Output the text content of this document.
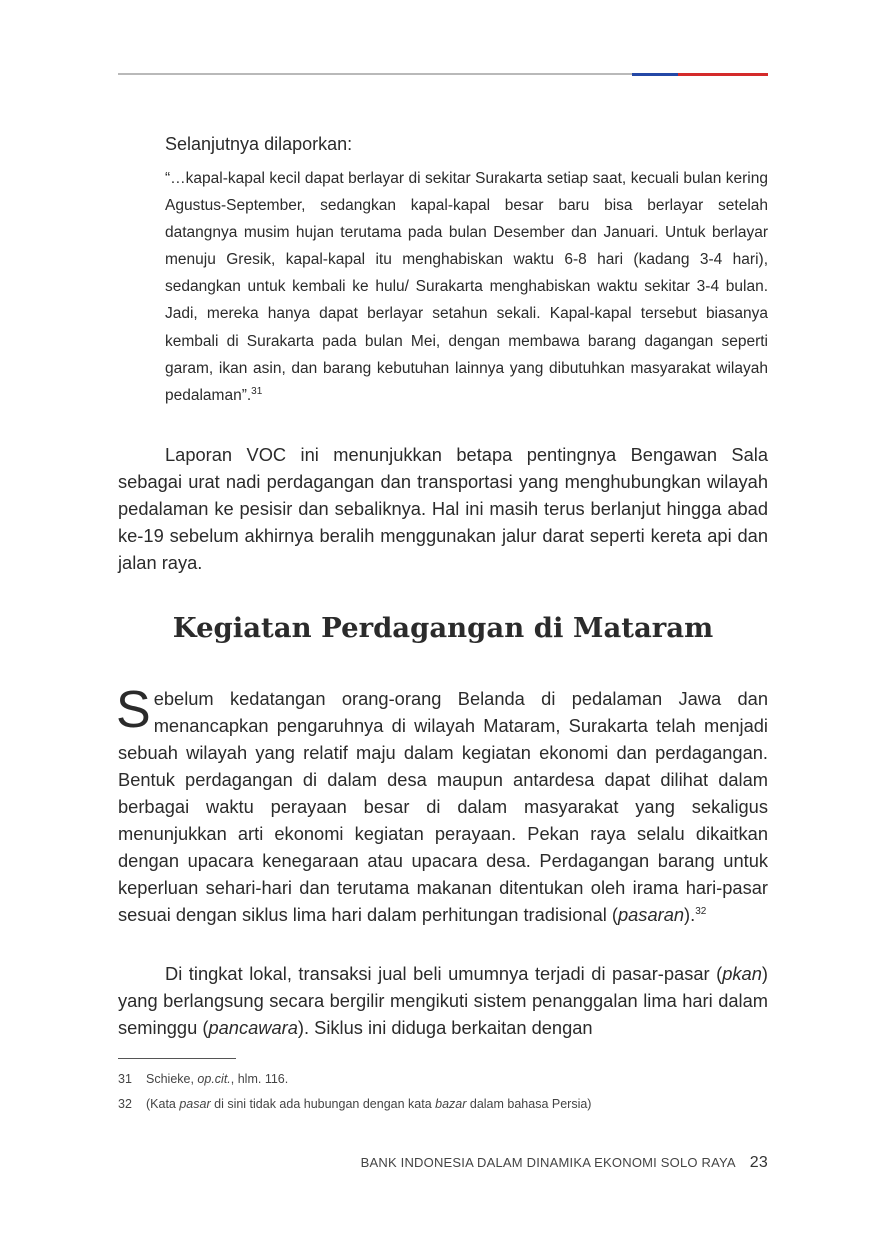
Selanjutnya dilaporkan:

“…kapal-kapal kecil dapat berlayar di sekitar Surakarta setiap saat, kecuali bulan kering Agustus-September, sedangkan kapal-kapal besar baru bisa berlayar setelah datangnya musim hujan terutama pada bulan Desember dan Januari. Untuk berlayar menuju Gresik, kapal-kapal itu menghabiskan waktu 6-8 hari (kadang 3-4 hari), sedangkan untuk kembali ke hulu/ Surakarta menghabiskan waktu sekitar 3-4 bulan. Jadi, mereka hanya dapat berlayar setahun sekali. Kapal-kapal tersebut biasanya kembali di Surakarta pada bulan Mei, dengan membawa barang dagangan seperti garam, ikan asin, dan barang kebutuhan lainnya yang dibutuhkan masyarakat wilayah pedalaman”.$^{31}$

Laporan VOC ini menunjukkan betapa pentingnya Bengawan Sala sebagai urat nadi perdagangan dan transportasi yang menghubungkan wilayah pedalaman ke pesisir dan sebaliknya. Hal ini masih terus berlanjut hingga abad ke-19 sebelum akhirnya beralih menggunakan jalur darat seperti kereta api dan jalan raya.

Kegiatan Perdagangan di Mataram

Sebelum kedatangan orang-orang Belanda di pedalaman Jawa dan menancapkan pengaruhnya di wilayah Mataram, Surakarta telah menjadi sebuah wilayah yang relatif maju dalam kegiatan ekonomi dan perdagangan. Bentuk perdagangan di dalam desa maupun antardesa dapat dilihat dalam berbagai waktu perayaan besar di dalam masyarakat yang sekaligus menunjukkan arti ekonomi kegiatan perayaan. Pekan raya selalu dikaitkan dengan upacara kenegaraan atau upacara desa. Perdagangan barang untuk keperluan sehari-hari dan terutama makanan ditentukan oleh irama hari-pasar sesuai dengan siklus lima hari dalam perhitungan tradisional (pasaran).$^{32}$

Di tingkat lokal, transaksi jual beli umumnya terjadi di pasar-pasar (pkan) yang berlangsung secara bergilir mengikuti sistem penanggalan lima hari dalam seminggu (pancawara). Siklus ini diduga berkaitan dengan

31 Schieke, op.cit., hlm. 116.

32 (Kata pasar di sini tidak ada hubungan dengan kata bazar dalam bahasa Persia)

BANK INDONESIA DALAM DINAMIKA EKONOMI SOLO RAYA 23
